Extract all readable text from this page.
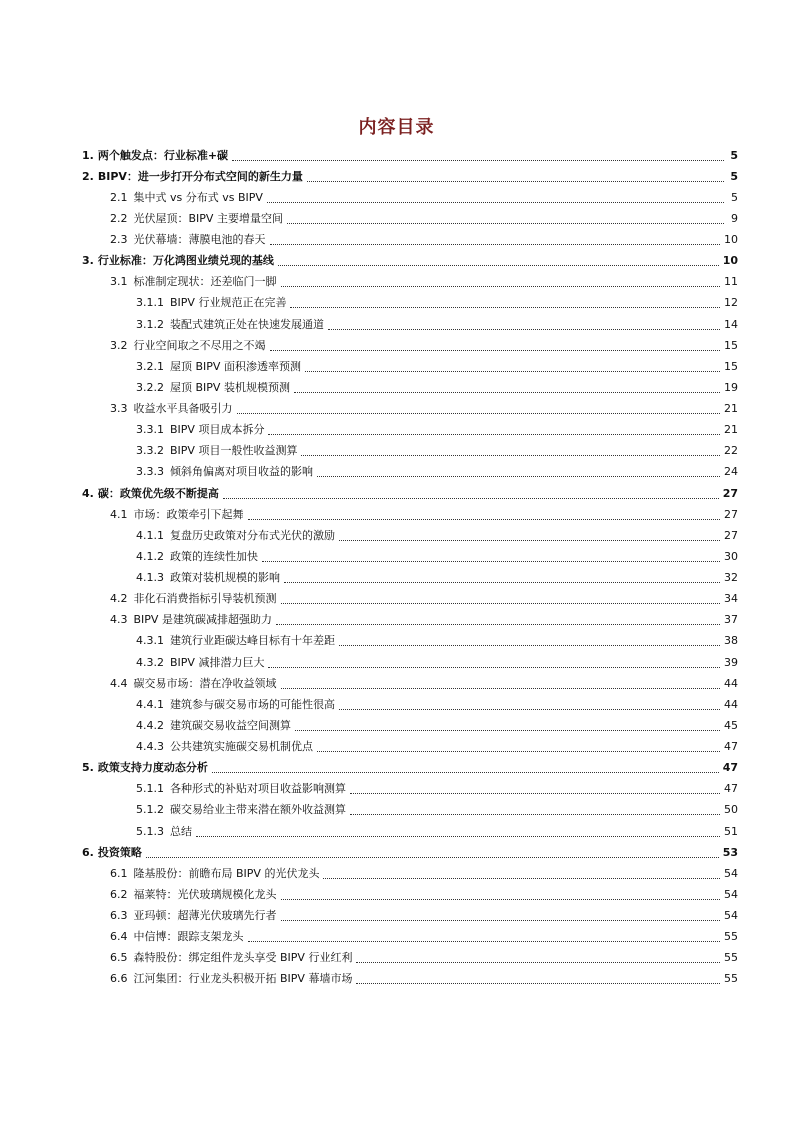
内容目录
1. 两个触发点：行业标准+碳	5
2. BIPV：进一步打开分布式空间的新生力量	5
2.1 集中式 vs 分布式 vs BIPV	5
2.2 光伏屋顶：BIPV 主要增量空间	9
2.3 光伏幕墙：薄膜电池的春天	10
3. 行业标准：万化鸿图业绩兑现的基线	10
3.1 标准制定现状：还差临门一脚	11
3.1.1 BIPV 行业规范正在完善	12
3.1.2 装配式建筑正处在快速发展通道	14
3.2 行业空间取之不尽用之不竭	15
3.2.1 屋顶 BIPV 面积渗透率预测	15
3.2.2 屋顶 BIPV 装机规模预测	19
3.3 收益水平具备吸引力	21
3.3.1 BIPV 项目成本拆分	21
3.3.2 BIPV 项目一般性收益测算	22
3.3.3 倾斜角偏离对项目收益的影响	24
4. 碳：政策优先级不断提高	27
4.1 市场：政策牵引下起舞	27
4.1.1 复盘历史政策对分布式光伏的激励	27
4.1.2 政策的连续性加快	30
4.1.3 政策对装机规模的影响	32
4.2 非化石消费指标引导装机预测	34
4.3 BIPV 是建筑碳减排超强助力	37
4.3.1 建筑行业距碳达峰目标有十年差距	38
4.3.2 BIPV 减排潜力巨大	39
4.4 碳交易市场：潜在净收益领域	44
4.4.1 建筑参与碳交易市场的可能性很高	44
4.4.2 建筑碳交易收益空间测算	45
4.4.3 公共建筑实施碳交易机制优点	47
5. 政策支持力度动态分析	47
5.1.1 各种形式的补贴对项目收益影响测算	47
5.1.2 碳交易给业主带来潜在额外收益测算	50
5.1.3 总结	51
6. 投资策略	53
6.1 隆基股份：前瞻布局 BIPV 的光伏龙头	54
6.2 福莱特：光伏玻璃规模化龙头	54
6.3 亚玛顿：超薄光伏玻璃先行者	54
6.4 中信博：跟踪支架龙头	55
6.5 森特股份：绑定组件龙头享受 BIPV 行业红利	55
6.6 江河集团：行业龙头积极开拓 BIPV 幕墙市场	55
